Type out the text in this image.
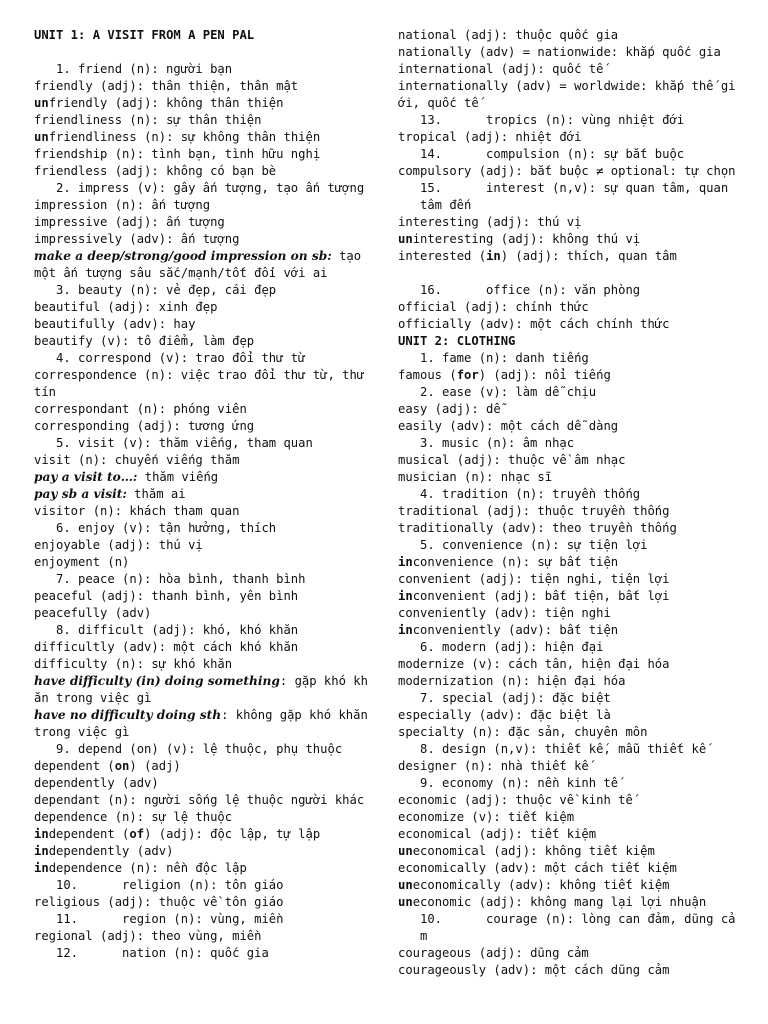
UNIT 1: A VISIT FROM A PEN PAL

1. friend (n): người bạn

friendly (adj): thân thiện, thân mật

unfriendly (adj): không thân thiện

friendliness (n): sự thân thiện

unfriendliness (n): sự không thân thiện

friendship (n): tình bạn, tình hữu nghị

friendless (adj): không có bạn bè

2. impress (v): gây ấn tượng, tạo ấn tượng

impression (n): ấn tượng

impressive (adj): ấn tượng

impressively (adv): ấn tượng

make a deep/strong/good impression on sb: tạo một ấn tượng sâu sắc/mạnh/tốt đối với ai

3. beauty (n): vẻ đẹp, cái đẹp

beautiful (adj): xinh đẹp

beautifully (adv): hay

beautify (v): tô điểm, làm đẹp

4. correspond (v): trao đổi thư từ

correspondence (n): việc trao đổi thư từ, thư tín

correspondant (n): phóng viên

corresponding (adj): tương ứng

5. visit (v): thăm viếng, tham quan

visit (n): chuyến viếng thăm

pay a visit to…: thăm viếng

pay sb a visit: thăm ai

visitor (n): khách tham quan

6. enjoy (v): tận hưởng, thích

enjoyable (adj): thú vị

enjoyment (n)

7. peace (n): hòa bình, thanh bình

peaceful (adj): thanh bình, yên bình

peacefully (adv)

8. difficult (adj): khó, khó khăn

difficultly (adv): một cách khó khăn

difficulty (n): sự khó khăn

have difficulty (in) doing something: gặp khó khăn trong việc gì

have no difficulty doing sth: không gặp khó khăn trong việc gì

9. depend (on) (v): lệ thuộc, phụ thuộc

dependent (on) (adj)

dependently (adv)

dependant (n): người sống lệ thuộc người khác

dependence (n): sự lệ thuộc

independent (of) (adj): độc lập, tự lập

independently (adv)

independence (n): nền độc lập

10.      religion (n): tôn giáo

religious (adj): thuộc về tôn giáo

11.      region (n): vùng, miền

regional (adj): theo vùng, miền

12.      nation (n): quốc gia

national (adj): thuộc quốc gia

nationally (adv) = nationwide: khắp quốc gia

international (adj): quốc tế

internationally (adv) = worldwide: khắp thế giới, quốc tế

13.      tropics (n): vùng nhiệt đới

tropical (adj): nhiệt đới

14.      compulsion (n): sự bắt buộc

compulsory (adj): bắt buộc ≠ optional: tự chọn

15.      interest (n,v): sự quan tâm, quan tâm đến

interesting (adj): thú vị

uninteresting (adj): không thú vị

interested (in) (adj): thích, quan tâm

16.      office (n): văn phòng

official (adj): chính thức

officially (adv): một cách chính thức

UNIT 2: CLOTHING

1. fame (n): danh tiếng

famous (for) (adj): nổi tiếng

2. ease (v): làm dễ chịu

easy (adj): dễ

easily (adv): một cách dễ dàng

3. music (n): âm nhạc

musical (adj): thuộc về âm nhạc

musician (n): nhạc sĩ

4. tradition (n): truyền thống

traditional (adj): thuộc truyền thống

traditionally (adv): theo truyền thống

5. convenience (n): sự tiện lợi

inconvenience (n): sự bất tiện

convenient (adj): tiện nghi, tiện lợi

inconvenient (adj): bất tiện, bất lợi

conveniently (adv): tiện nghi

inconveniently (adv): bất tiện

6. modern (adj): hiện đại

modernize (v): cách tân, hiện đại hóa

modernization (n): hiện đại hóa

7. special (adj): đặc biệt

especially (adv): đặc biệt là

specialty (n): đặc sản, chuyên môn

8. design (n,v): thiết kế, mẫu thiết kế

designer (n): nhà thiết kế

9. economy (n): nền kinh tế

economic (adj): thuộc về kinh tế

economize (v): tiết kiệm

economical (adj): tiết kiệm

uneconomical (adj): không tiết kiệm

economically (adv): một cách tiết kiệm

uneconomically (adv): không tiết kiệm

uneconomic (adj): không mang lại lợi nhuận

10.      courage (n): lòng can đảm, dũng cảm

courageous (adj): dũng cảm

courageously (adv): một cách dũng cảm
